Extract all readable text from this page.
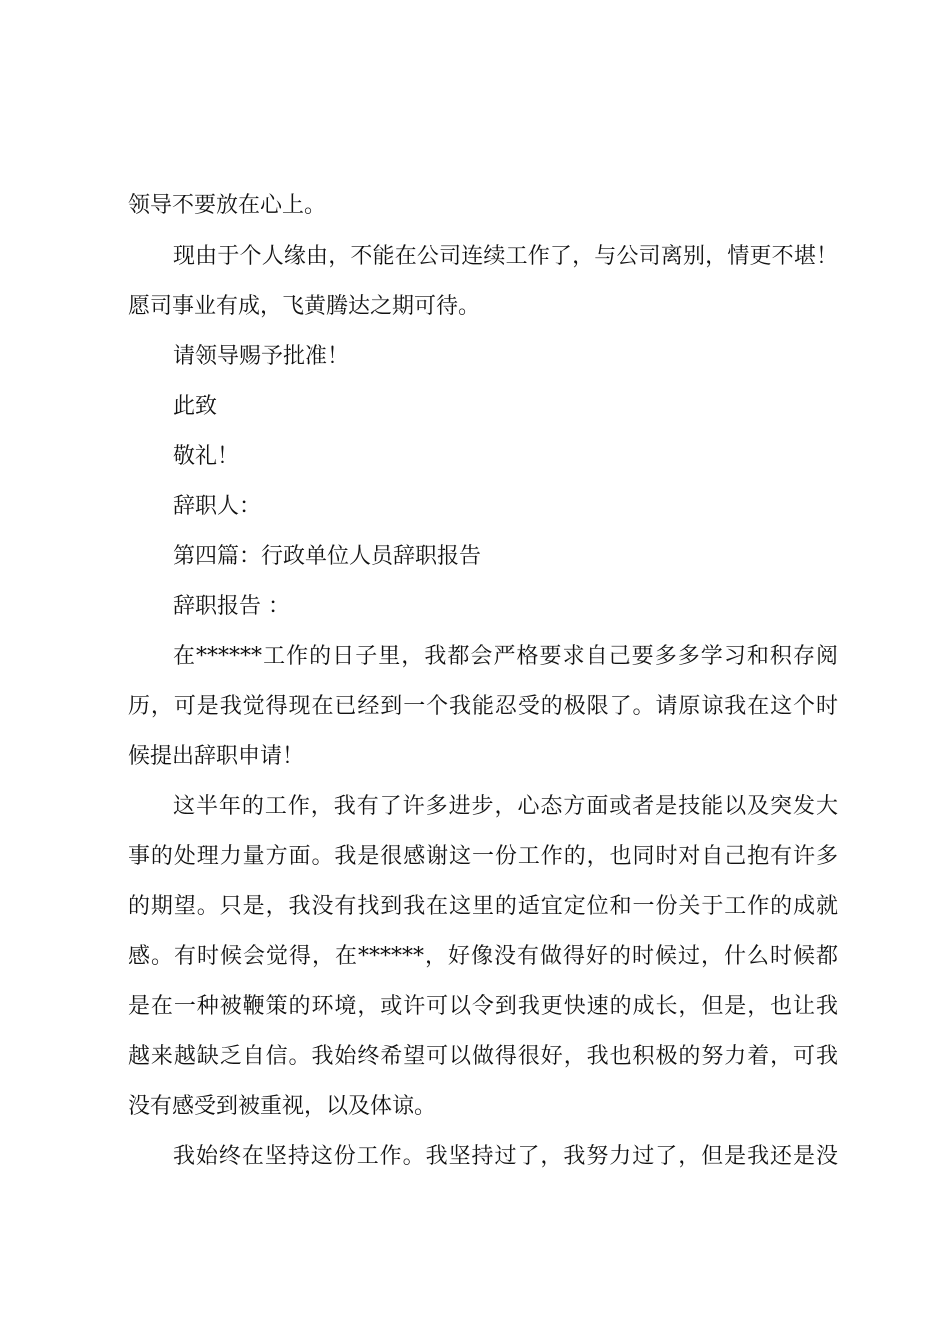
领导不要放在心上。
现由于个人缘由，不能在公司连续工作了，与公司离别，情更不堪！
愿司事业有成，飞黄腾达之期可待。
请领导赐予批准！
此致
敬礼！
辞职人：
第四篇：行政单位人员辞职报告
辞职报告 ：
在******工作的日子里，我都会严格要求自己要多多学习和积存阅
历，可是我觉得现在已经到一个我能忍受的极限了。请原谅我在这个时
候提出辞职申请！
这半年的工作，我有了许多进步，心态方面或者是技能以及突发大
事的处理力量方面。我是很感谢这一份工作的，也同时对自己抱有许多
的期望。只是，我没有找到我在这里的适宜定位和一份关于工作的成就
感。有时候会觉得，在******，好像没有做得好的时候过，什么时候都
是在一种被鞭策的环境，或许可以令到我更快速的成长，但是，也让我
越来越缺乏自信。我始终希望可以做得很好，我也积极的努力着，可我
没有感受到被重视，以及体谅。
我始终在坚持这份工作。我坚持过了，我努力过了，但是我还是没
